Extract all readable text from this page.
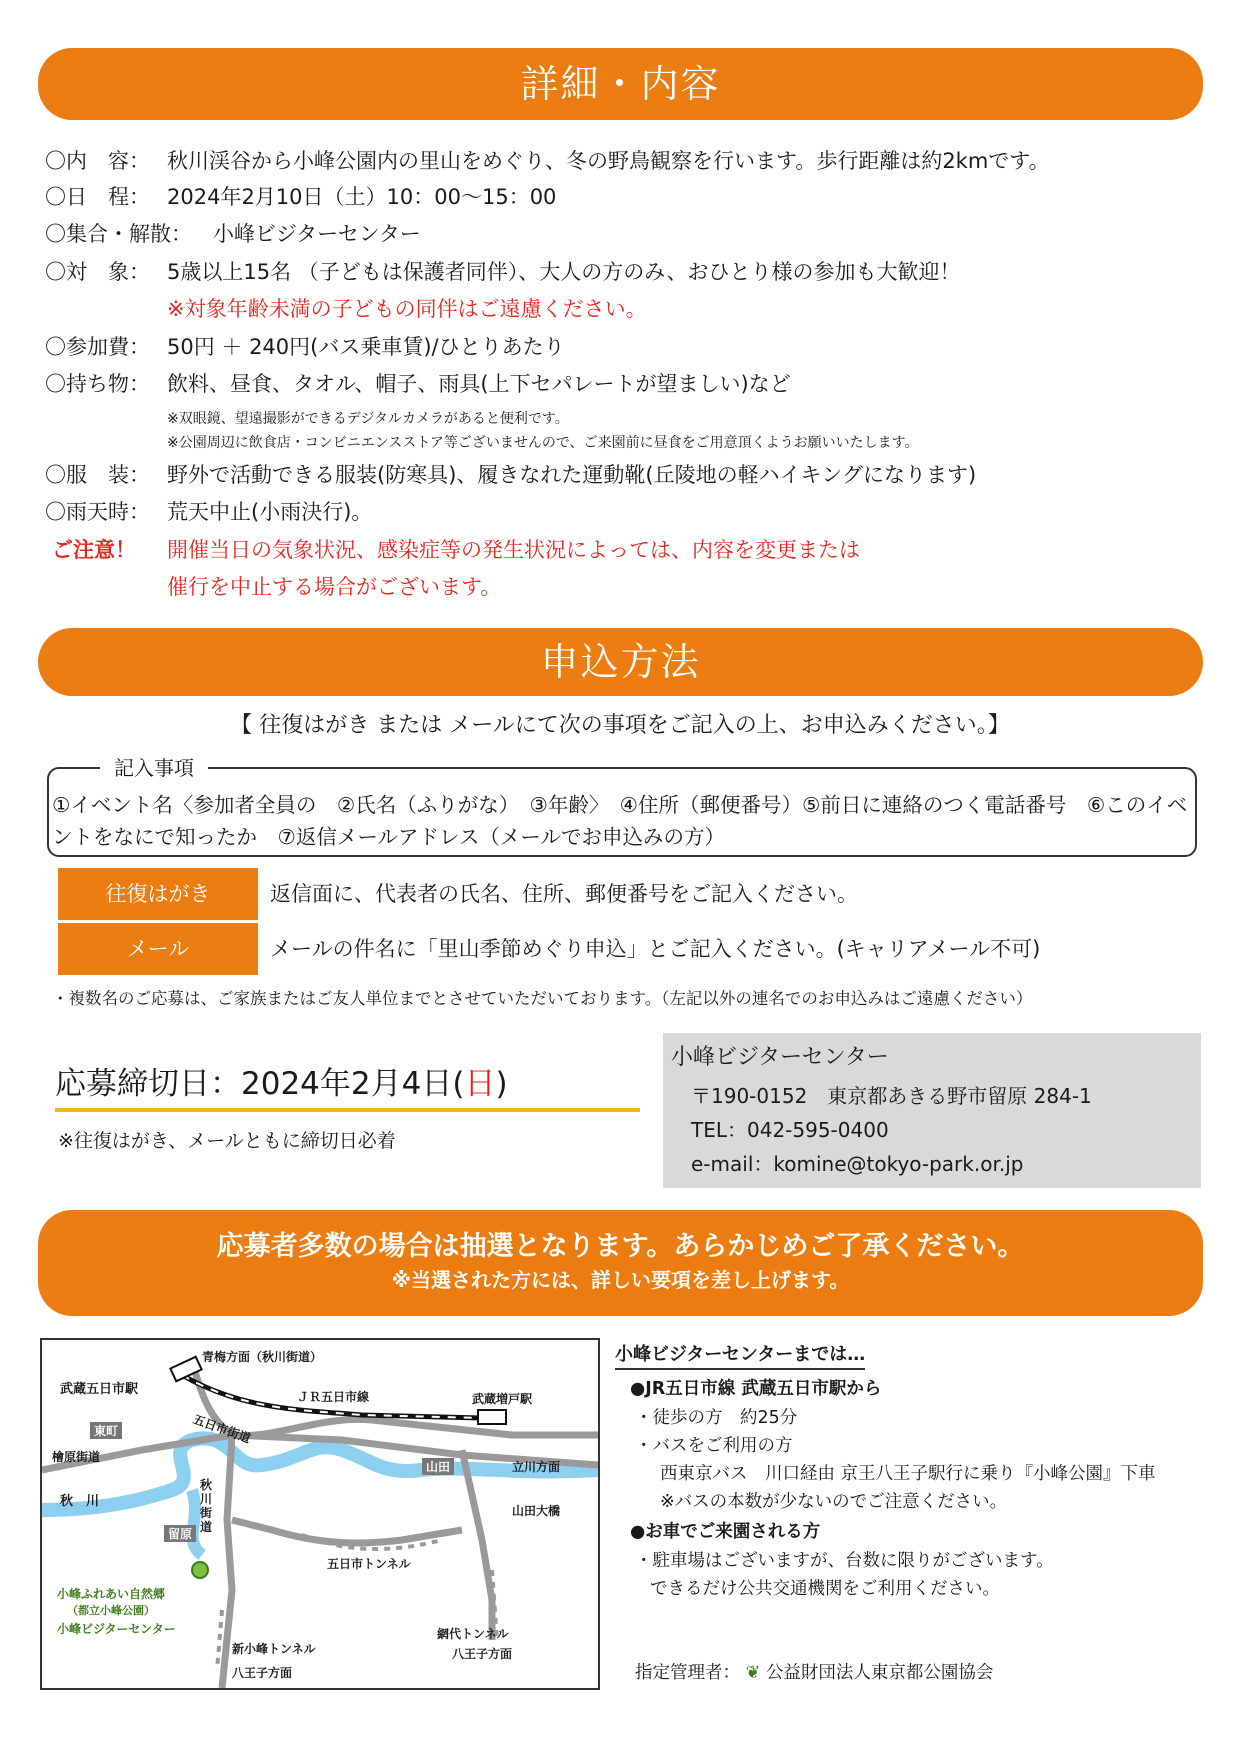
詳細・内容
〇内　容： 秋川渓谷から小峰公園内の里山をめぐり、冬の野鳥観察を行います。歩行距離は約2kmです。
〇日　程： 2024年2月10日（土）10：00〜15：00
〇集合・解散： 小峰ビジターセンター
〇対　象： 5歳以上15名 （子どもは保護者同伴）、大人の方のみ、おひとり様の参加も大歓迎！
※対象年齢未満の子どもの同伴はご遠慮ください。
〇参加費： 50円 ＋ 240円(バス乗車賃)/ひとりあたり
〇持ち物： 飲料、昼食、タオル、帽子、雨具(上下セパレートが望ましい)など
※双眼鏡、望遠撮影ができるデジタルカメラがあると便利です。
※公園周辺に飲食店・コンビニエンスストア等ございませんので、ご来園前に昼食をご用意頂くようお願いいたします。
〇服　装： 野外で活動できる服装(防寒具)、履きなれた運動靴(丘陵地の軽ハイキングになります)
〇雨天時： 荒天中止(小雨決行)。
ご注意！ 開催当日の気象状況、感染症等の発生状況によっては、内容を変更または
催行を中止する場合がございます。
申込方法
【 往復はがき または メールにて次の事項をご記入の上、お申込みください。】
記入事項
①イベント名〈参加者全員の　②氏名（ふりがな）　③年齢〉　④住所（郵便番号）⑤前日に連絡のつく電話番号　⑥このイベントをなにで知ったか　⑦返信メールアドレス（メールでお申込みの方）
往復はがき	返信面に、代表者の氏名、住所、郵便番号をご記入ください。
メール	メールの件名に「里山季節めぐり申込」とご記入ください。(キャリアメール不可)
・複数名のご応募は、ご家族またはご友人単位までとさせていただいております。（左記以外の連名でのお申込みはご遠慮ください）
応募締切日：2024年2月4日(日)
※往復はがき、メールともに締切日必着
小峰ビジターセンター
〒190-0152　東京都あきる野市留原 284-1
TEL：042-595-0400
e-mail：komine@tokyo-park.or.jp
応募者多数の場合は抽選となります。あらかじめご了承ください。
※当選された方には、詳しい要項を差し上げます。
青梅方面（秋川街道）
武蔵五日市駅	ＪＲ五日市線	武蔵増戸駅
東町	五日市街道
檜原街道
山田	立川方面
秋　川
秋川街道
留原
山田大橋
五日市トンネル
小峰ふれあい自然郷
（都立小峰公園）
小峰ビジターセンター
新小峰トンネル
八王子方面
網代トンネル
八王子方面
小峰ビジターセンターまでは…
●JR五日市線 武蔵五日市駅から
・徒歩の方　約25分
・バスをご利用の方
西東京バス　川口経由 京王八王子駅行に乗り『小峰公園』下車
※バスの本数が少ないのでご注意ください。
●お車でご来園される方
・駐車場はございますが、台数に限りがございます。
できるだけ公共交通機関をご利用ください。
指定管理者： ❦ 公益財団法人東京都公園協会
